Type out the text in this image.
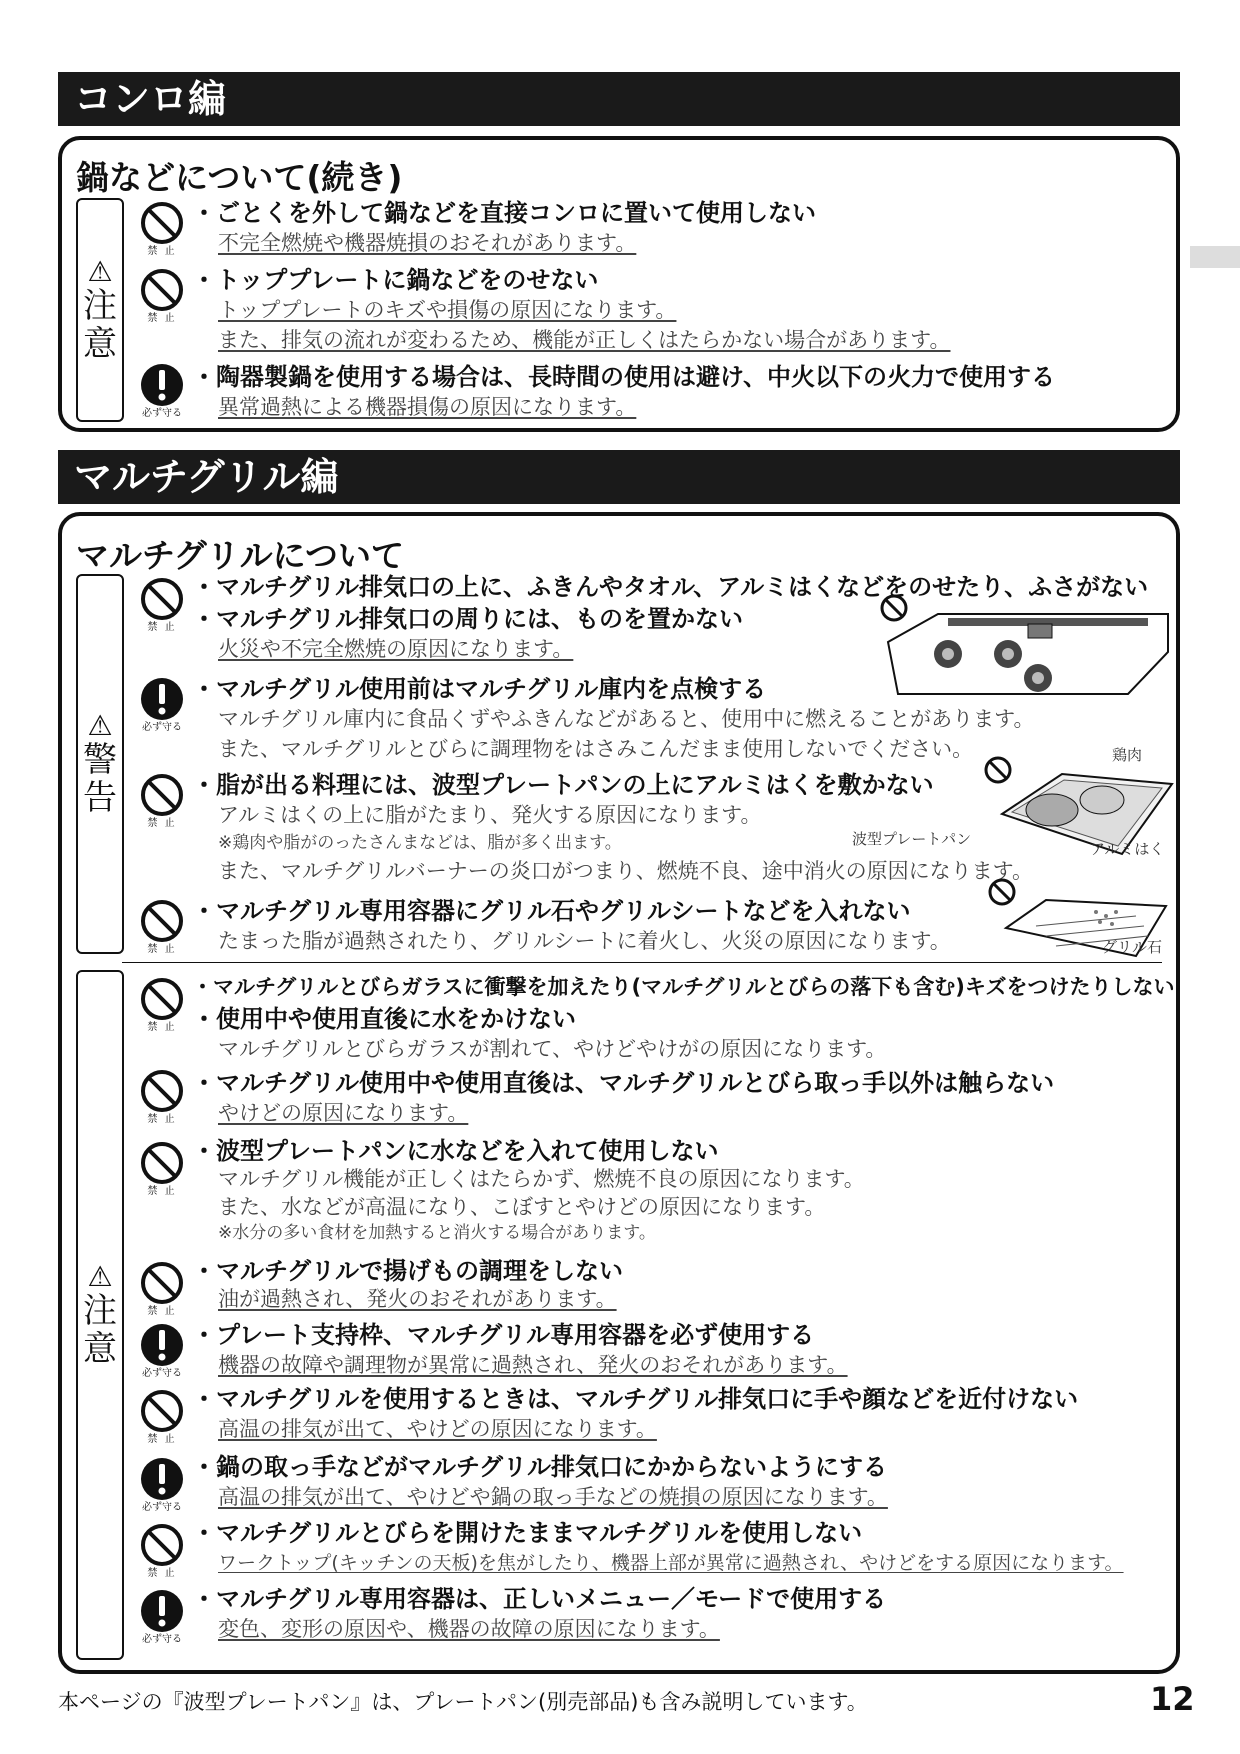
コンロ編
鍋などについて(続き)
⚠
注
意
禁 止
・ ごとくを外して鍋などを直接コンロに置いて使用しない
不完全燃焼や機器焼損のおそれがあります。
禁 止
・ トッププレートに鍋などをのせない
トッププレートのキズや損傷の原因になります。
また、排気の流れが変わるため、機能が正しくはたらかない場合があります。
必ず守る
・ 陶器製鍋を使用する場合は、長時間の使用は避け、中火以下の火力で使用する
異常過熱による機器損傷の原因になります。
マルチグリル編
マルチグリルについて
⚠
警
告
禁 止
・ マルチグリル排気口の上に、ふきんやタオル、アルミはくなどをのせたり、ふさがない
・ マルチグリル排気口の周りには、ものを置かない
火災や不完全燃焼の原因になります。
必ず守る
・ マルチグリル使用前はマルチグリル庫内を点検する
マルチグリル庫内に食品くずやふきんなどがあると、使用中に燃えることがあります。
また、マルチグリルとびらに調理物をはさみこんだまま使用しないでください。
禁 止
・ 脂が出る料理には、波型プレートパンの上にアルミはくを敷かない
アルミはくの上に脂がたまり、発火する原因になります。
※鶏肉や脂がのったさんまなどは、脂が多く出ます。
また、マルチグリルバーナーの炎口がつまり、燃焼不良、途中消火の原因になります。
鶏肉
波型プレートパン
アルミはく
禁 止
・ マルチグリル専用容器にグリル石やグリルシートなどを入れない
たまった脂が過熱されたり、グリルシートに着火し、火災の原因になります。	グリル石
⚠
注
意
禁 止
・ マルチグリルとびらガラスに衝撃を加えたり(マルチグリルとびらの落下も含む)キズをつけたりしない
・ 使用中や使用直後に水をかけない
マルチグリルとびらガラスが割れて、やけどやけがの原因になります。
禁 止
・ マルチグリル使用中や使用直後は、マルチグリルとびら取っ手以外は触らない
やけどの原因になります。
禁 止
・ 波型プレートパンに水などを入れて使用しない
マルチグリル機能が正しくはたらかず、燃焼不良の原因になります。
また、水などが高温になり、こぼすとやけどの原因になります。
※水分の多い食材を加熱すると消火する場合があります。
禁 止
・ マルチグリルで揚げもの調理をしない
油が過熱され、発火のおそれがあります。
必ず守る
・ プレート支持枠、マルチグリル専用容器を必ず使用する
機器の故障や調理物が異常に過熱され、発火のおそれがあります。
禁 止
・ マルチグリルを使用するときは、マルチグリル排気口に手や顔などを近付けない
高温の排気が出て、やけどの原因になります。
必ず守る
・ 鍋の取っ手などがマルチグリル排気口にかからないようにする
高温の排気が出て、やけどや鍋の取っ手などの焼損の原因になります。
禁 止
・ マルチグリルとびらを開けたままマルチグリルを使用しない
ワークトップ(キッチンの天板)を焦がしたり、機器上部が異常に過熱され、やけどをする原因になります。
必ず守る
・ マルチグリル専用容器は、正しいメニュー／モードで使用する
変色、変形の原因や、機器の故障の原因になります。
本ページの『波型プレートパン』は、プレートパン(別売部品)も含み説明しています。	12
